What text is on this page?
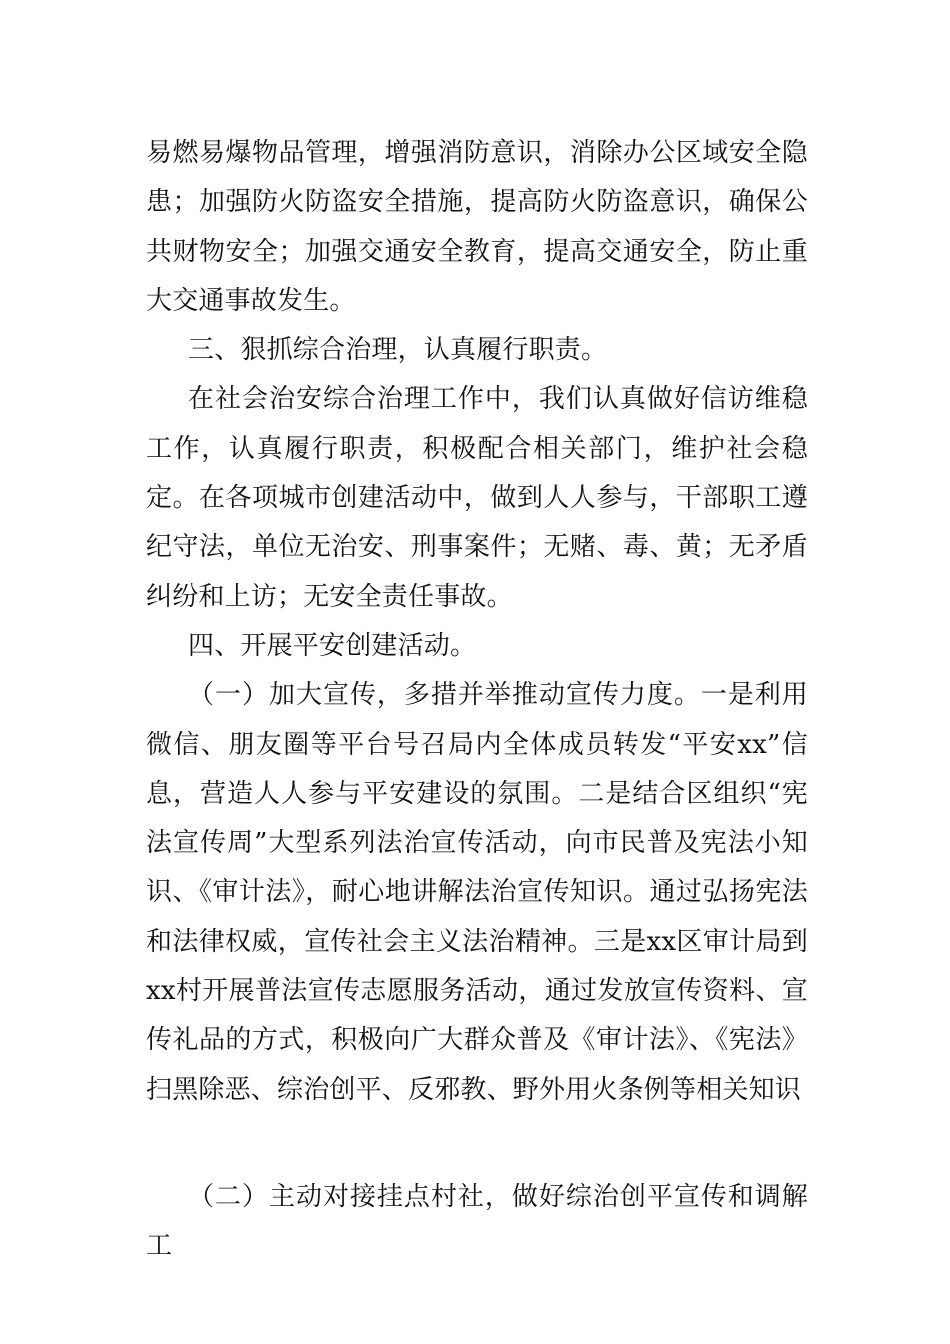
易燃易爆物品管理，增强消防意识，消除办公区域安全隐患；加强防火防盗安全措施，提高防火防盗意识，确保公共财物安全；加强交通安全教育，提高交通安全，防止重大交通事故发生。

三、狠抓综合治理，认真履行职责。

在社会治安综合治理工作中，我们认真做好信访维稳工作，认真履行职责，积极配合相关部门，维护社会稳定。在各项城市创建活动中，做到人人参与，干部职工遵纪守法，单位无治安、刑事案件；无赌、毒、黄；无矛盾纠纷和上访；无安全责任事故。

四、开展平安创建活动。

（一）加大宣传，多措并举推动宣传力度。一是利用微信、朋友圈等平台号召局内全体成员转发“平安xx”信息，营造人人参与平安建设的氛围。二是结合区组织“宪法宣传周”大型系列法治宣传活动，向市民普及宪法小知识、《审计法》，耐心地讲解法治宣传知识。通过弘扬宪法和法律权威，宣传社会主义法治精神。三是xx区审计局到xx村开展普法宣传志愿服务活动，通过发放宣传资料、宣传礼品的方式，积极向广大群众普及《审计法》、《宪法》扫黑除恶、综治创平、反邪教、野外用火条例等相关知识

（二）主动对接挂点村社，做好综治创平宣传和调解工
